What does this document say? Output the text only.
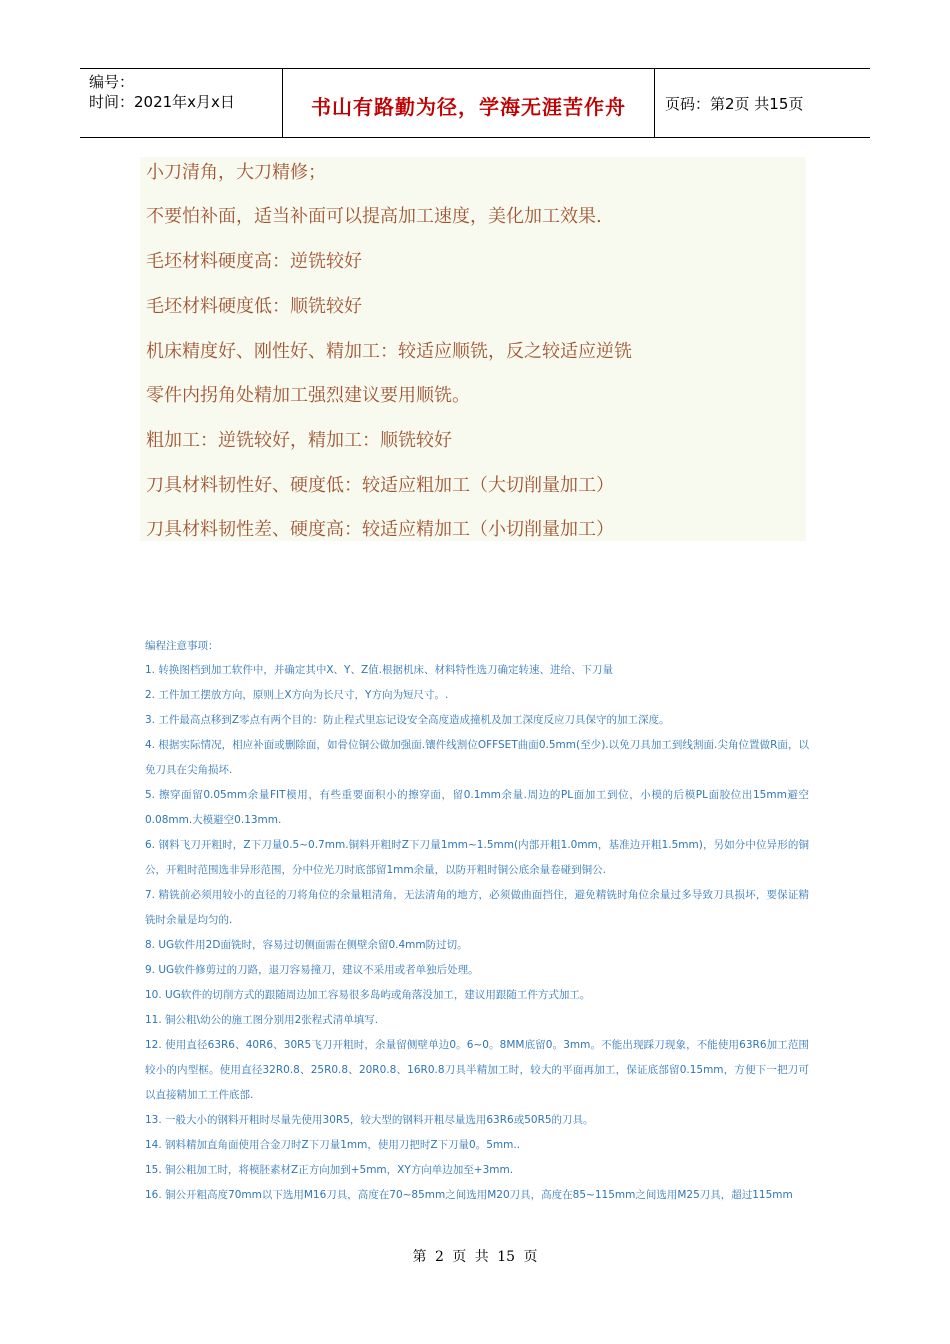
编号：
时间：2021年x月x日	书山有路勤为径，学海无涯苦作舟	页码：第2页 共15页
小刀清角，大刀精修；
不要怕补面，适当补面可以提高加工速度，美化加工效果.
毛坯材料硬度高：逆铣较好
毛坯材料硬度低：顺铣较好
机床精度好、刚性好、精加工：较适应顺铣，反之较适应逆铣
零件内拐角处精加工强烈建议要用顺铣。
粗加工：逆铣较好，精加工：顺铣较好
刀具材料韧性好、硬度低：较适应粗加工（大切削量加工）
刀具材料韧性差、硬度高：较适应精加工（小切削量加工）
编程注意事项：
1. 转换图档到加工软件中，并确定其中X、Y、Z值.根据机床、材料特性选刀确定转速、进给、下刀量
2. 工件加工摆放方向，原则上X方向为长尺寸，Y方向为短尺寸。.
3. 工件最高点移到Z零点有两个目的：防止程式里忘记设安全高度造成撞机及加工深度反应刀具保守的加工深度。
4. 根据实际情况，相应补面或删除面，如骨位铜公做加强面.镶件线割位OFFSET曲面0.5mm(至少).以免刀具加工到线割面.尖角位置做R面，以免刀具在尖角损坏.
5. 擦穿面留0.05mm余量FIT模用，有些重要面积小的擦穿面，留0.1mm余量.周边的PL面加工到位，小模的后模PL面胶位出15mm避空0.08mm.大模避空0.13mm.
6. 钢料飞刀开粗时，Z下刀量0.5~0.7mm.铜料开粗时Z下刀量1mm~1.5mm(内部开粗1.0mm，基准边开粗1.5mm)，另如分中位异形的铜公，开粗时范围选非异形范围，分中位光刀时底部留1mm余量，以防开粗时铜公底余量卷碰到铜公.
7. 精铣前必须用较小的直径的刀将角位的余量粗清角，无法清角的地方，必须做曲面挡住，避免精铣时角位余量过多导致刀具损坏，要保证精铣时余量是均匀的.
8. UG软件用2D面铣时，容易过切侧面需在侧壁余留0.4mm防过切。
9. UG软件修剪过的刀路，退刀容易撞刀，建议不采用或者单独后处理。
10. UG软件的切削方式的跟随周边加工容易很多岛屿或角落没加工，建议用跟随工件方式加工。
11. 铜公粗\幼公的施工图分别用2张程式清单填写.
12. 使用直径63R6、40R6、30R5飞刀开粗时，余量留侧壁单边0。6~0。8MM底留0。3mm。不能出现踩刀现象，不能使用63R6加工范围较小的内型框。使用直径32R0.8、25R0.8、20R0.8、16R0.8刀具半精加工时，较大的平面再加工，保证底部留0.15mm，方便下一把刀可以直接精加工工件底部.
13. 一般大小的钢料开粗时尽量先使用30R5，较大型的钢料开粗尽量选用63R6或50R5的刀具。
14. 钢料精加直角面使用合金刀时Z下刀量1mm，使用刀把时Z下刀量0。5mm..
15. 铜公粗加工时，将模胚素材Z正方向加到+5mm，XY方向单边加至+3mm.
16. 铜公开粗高度70mm以下选用M16刀具，高度在70~85mm之间选用M20刀具，高度在85~115mm之间选用M25刀具，超过115mm
第 2 页 共 15 页
